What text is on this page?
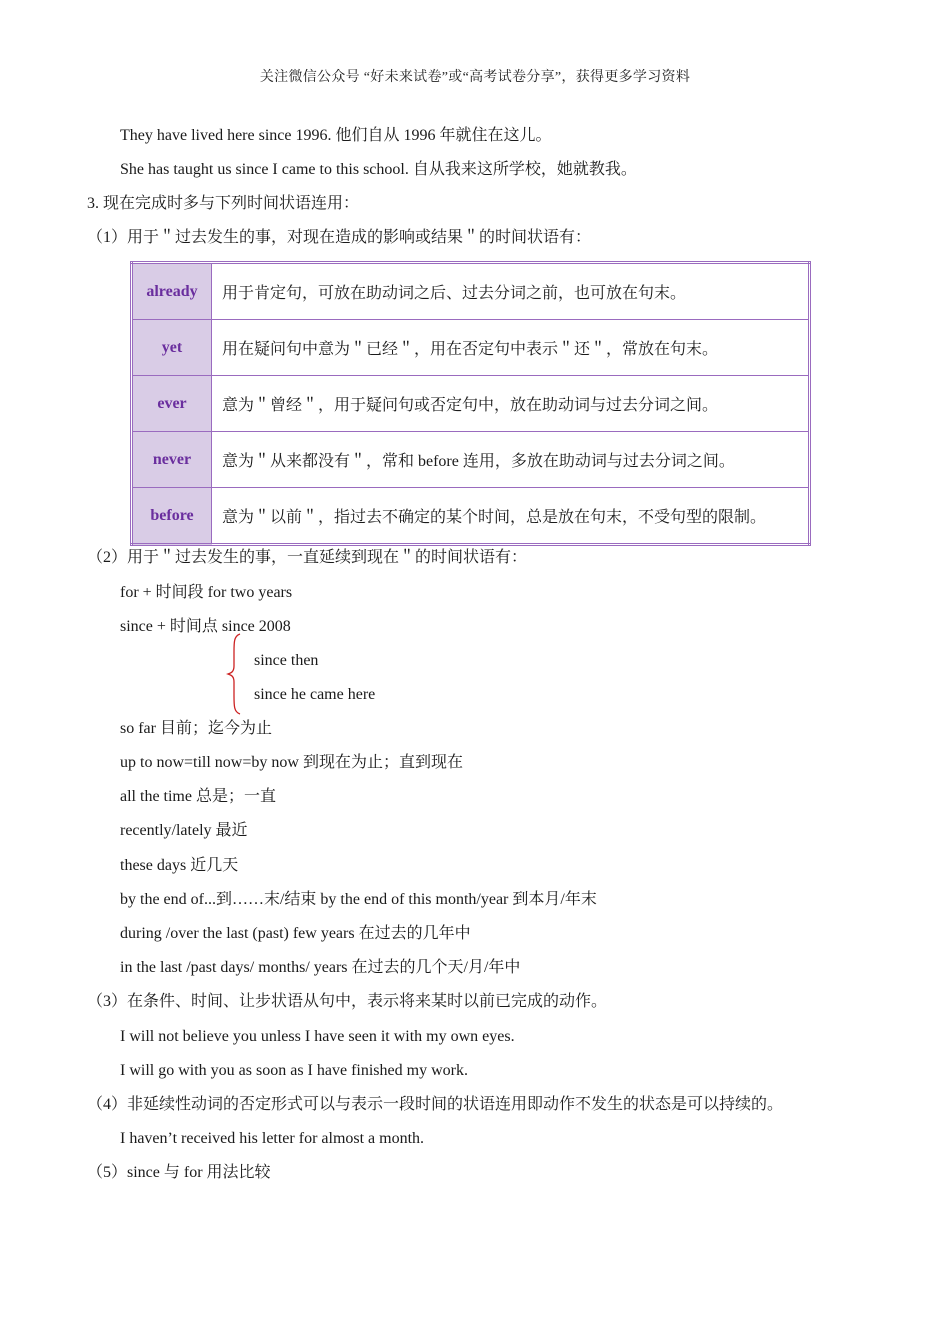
关注微信公众号 “好未来试卷”或“高考试卷分享”，获得更多学习资料
They have lived here since 1996. 他们自从 1996 年就住在这儿。
She has taught us since I came to this school. 自从我来这所学校，她就教我。
3. 现在完成时多与下列时间状语连用：
（1）用于＂过去发生的事，对现在造成的影响或结果＂的时间状语有：
already	用于肯定句，可放在助动词之后、过去分词之前，也可放在句末。
yet	用在疑问句中意为＂已经＂，用在否定句中表示＂还＂，常放在句末。
ever	意为＂曾经＂，用于疑问句或否定句中，放在助动词与过去分词之间。
never	意为＂从来都没有＂，常和 before 连用，多放在助动词与过去分词之间。
before	意为＂以前＂，指过去不确定的某个时间，总是放在句末，不受句型的限制。
（2）用于＂过去发生的事，一直延续到现在＂的时间状语有：
for + 时间段 for two years
since + 时间点 since 2008
since then
since he came here
so far 目前；迄今为止
up to now=till now=by now 到现在为止；直到现在
all the time 总是；一直
recently/lately 最近
these days 近几天
by the end of...到……末/结束 by the end of this month/year 到本月/年末
during /over the last (past) few years 在过去的几年中
in the last /past days/ months/ years 在过去的几个天/月/年中
（3）在条件、时间、让步状语从句中，表示将来某时以前已完成的动作。
I will not believe you unless I have seen it with my own eyes.
I will go with you as soon as I have finished my work.
（4）非延续性动词的否定形式可以与表示一段时间的状语连用即动作不发生的状态是可以持续的。
I haven’t received his letter for almost a month.
（5）since 与 for 用法比较
